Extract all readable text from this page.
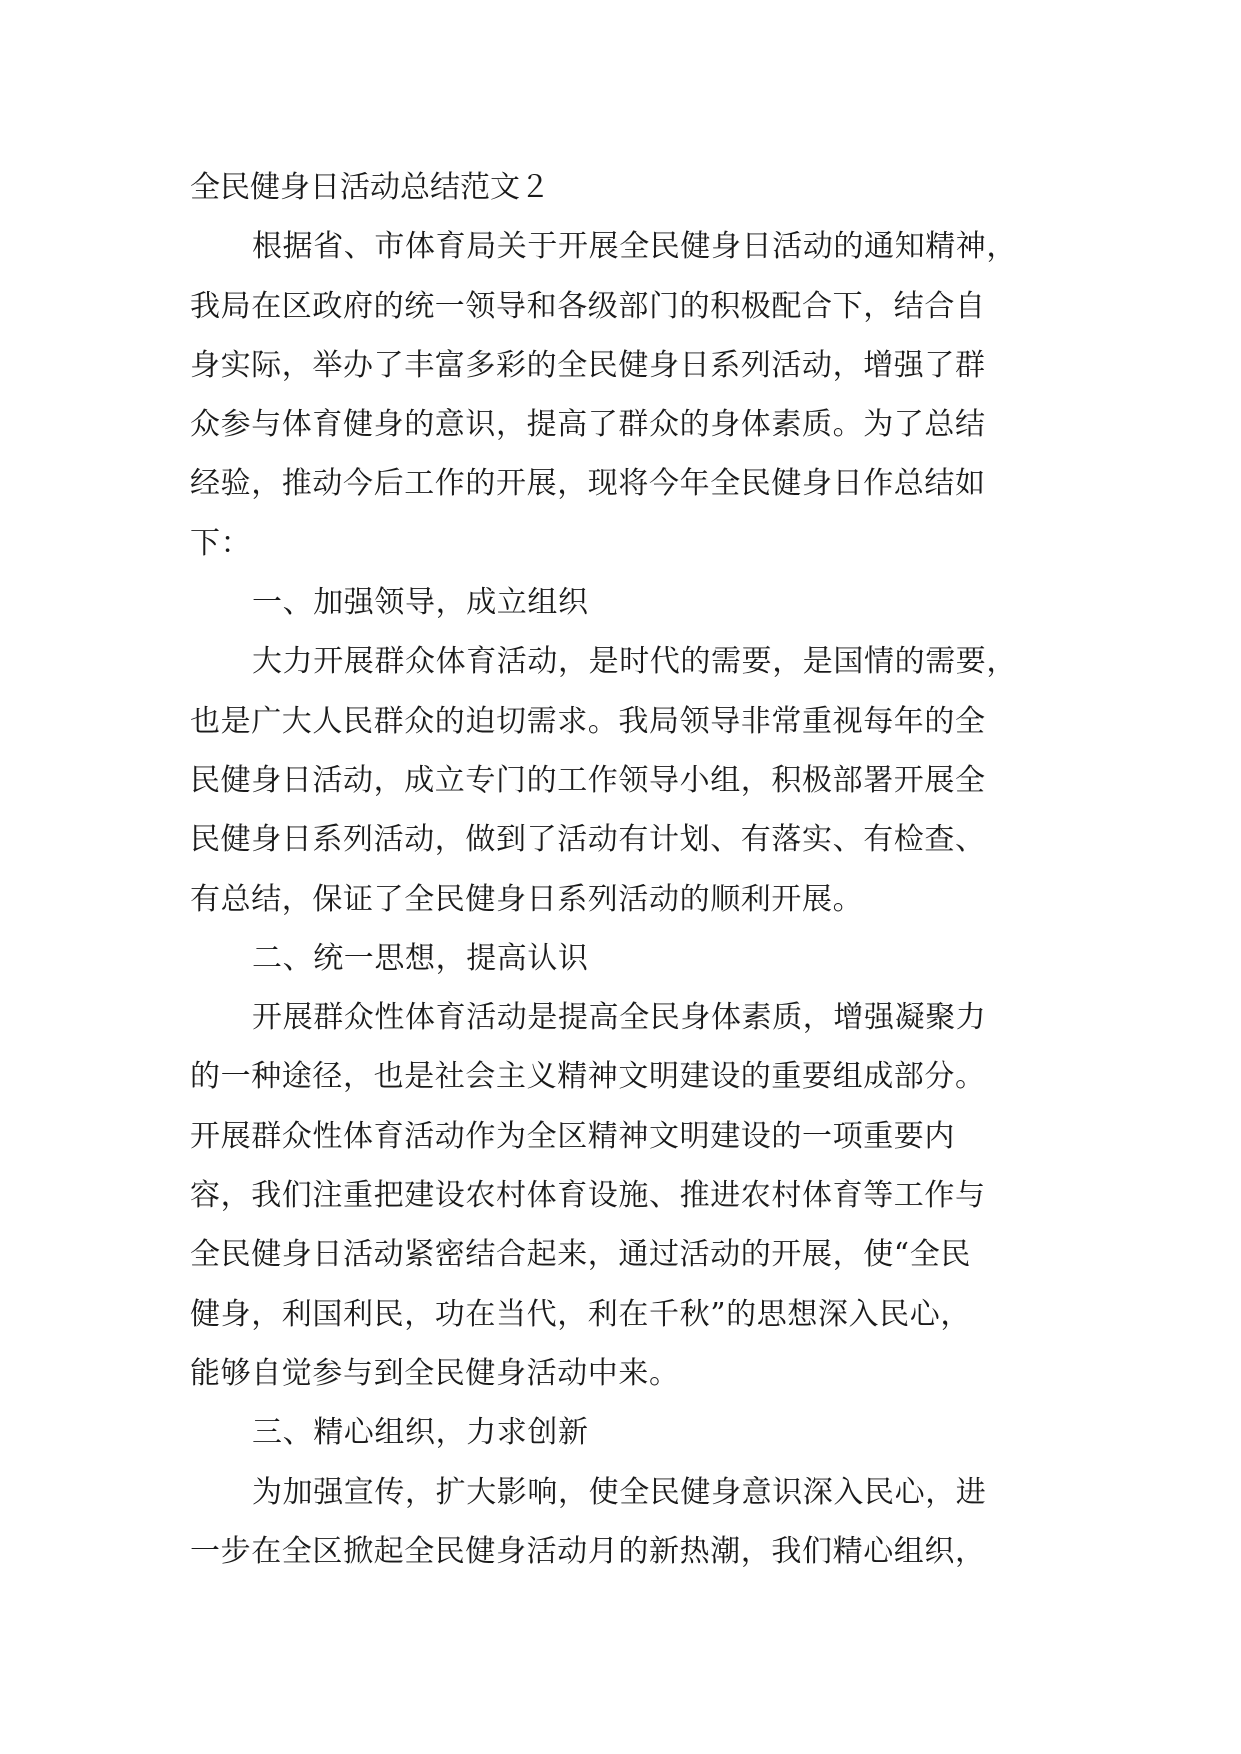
全民健身日活动总结范文２
根据省、市体育局关于开展全民健身日活动的通知精神，
我局在区政府的统一领导和各级部门的积极配合下，结合自
身实际，举办了丰富多彩的全民健身日系列活动，增强了群
众参与体育健身的意识，提高了群众的身体素质。为了总结
经验，推动今后工作的开展，现将今年全民健身日作总结如
下：
一、加强领导，成立组织
大力开展群众体育活动，是时代的需要，是国情的需要，
也是广大人民群众的迫切需求。我局领导非常重视每年的全
民健身日活动，成立专门的工作领导小组，积极部署开展全
民健身日系列活动，做到了活动有计划、有落实、有检查、
有总结，保证了全民健身日系列活动的顺利开展。
二、统一思想，提高认识
开展群众性体育活动是提高全民身体素质，增强凝聚力
的一种途径，也是社会主义精神文明建设的重要组成部分。
开展群众性体育活动作为全区精神文明建设的一项重要内
容，我们注重把建设农村体育设施、推进农村体育等工作与
全民健身日活动紧密结合起来，通过活动的开展，使“全民
健身，利国利民，功在当代，利在千秋”的思想深入民心，
能够自觉参与到全民健身活动中来。
三、精心组织，力求创新
为加强宣传，扩大影响，使全民健身意识深入民心，进
一步在全区掀起全民健身活动月的新热潮，我们精心组织，
